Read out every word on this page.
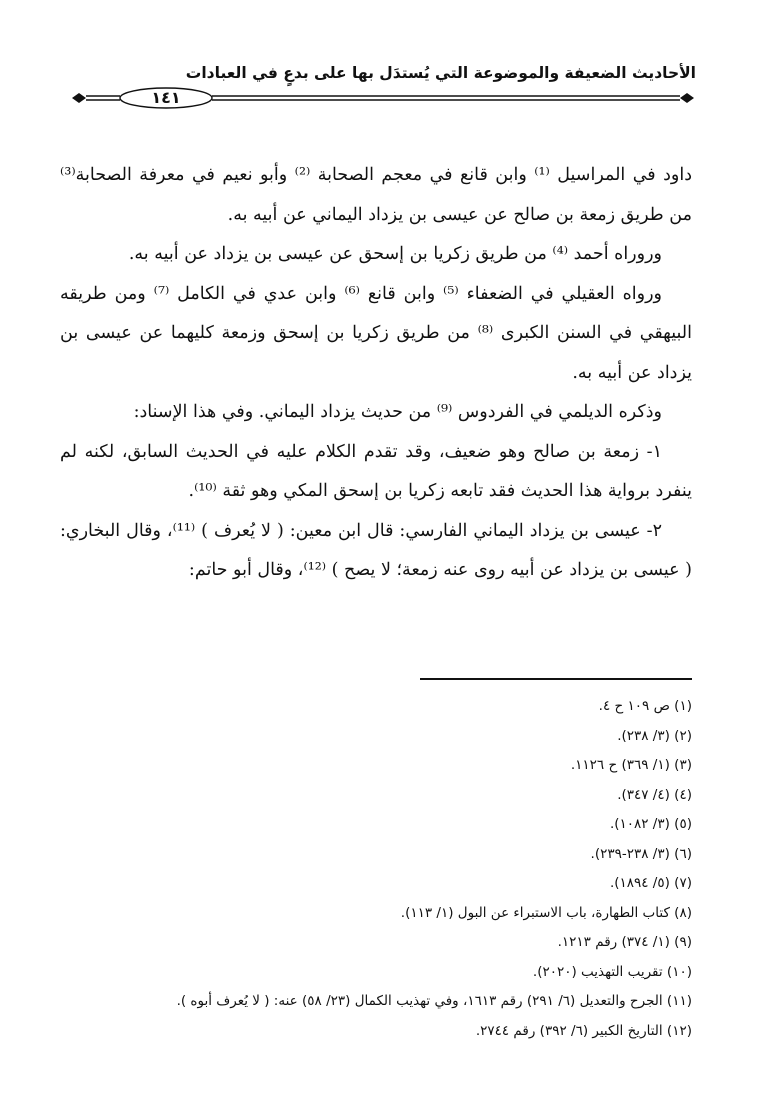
الأحاديث الضعيفة والموضوعة التي يُستدَل بها على بدعٍ في العبادات
١٤١

داود في المراسيل ⁽¹⁾ وابن قانع في معجم الصحابة ⁽²⁾ وأبو نعيم في معرفة الصحابة⁽³⁾ من طريق زمعة بن صالح عن عيسى بن يزداد اليماني عن أبيه به.

وروراه أحمد ⁽⁴⁾ من طريق زكريا بن إسحق عن عيسى بن يزداد عن أبيه به.

ورواه العقيلي في الضعفاء ⁽⁵⁾ وابن قانع ⁽⁶⁾ وابن عدي في الكامل ⁽⁷⁾ ومن طريقه البيهقي في السنن الكبرى ⁽⁸⁾ من طريق زكريا بن إسحق وزمعة كليهما عن عيسى بن يزداد عن أبيه به.

وذكره الديلمي في الفردوس ⁽⁹⁾ من حديث يزداد اليماني. وفي هذا الإسناد:

١- زمعة بن صالح وهو ضعيف، وقد تقدم الكلام عليه في الحديث السابق، لكنه لم ينفرد برواية هذا الحديث فقد تابعه زكريا بن إسحق المكي وهو ثقة ⁽¹⁰⁾.

٢- عيسى بن يزداد اليماني الفارسي: قال ابن معين: ( لا يُعرف ) ⁽¹¹⁾، وقال البخاري: ( عيسى بن يزداد عن أبيه روى عنه زمعة؛ لا يصح ) ⁽¹²⁾، وقال أبو حاتم:

(١) ص ١٠٩ ح ٤.
(٢) (٣/ ٢٣٨).
(٣) (١/ ٣٦٩) ح ١١٢٦.
(٤) (٤/ ٣٤٧).
(٥) (٣/ ١٠٨٢).
(٦) (٣/ ٢٣٨-٢٣٩).
(٧) (٥/ ١٨٩٤).
(٨) كتاب الطهارة، باب الاستبراء عن البول (١/ ١١٣).
(٩) (١/ ٣٧٤) رقم ١٢١٣.
(١٠) تقريب التهذيب (٢٠٢٠).
(١١) الجرح والتعديل (٦/ ٢٩١) رقم ١٦١٣، وفي تهذيب الكمال (٢٣/ ٥٨) عنه: ( لا يُعرف أبوه ).
(١٢) التاريخ الكبير (٦/ ٣٩٢) رقم ٢٧٤٤.
